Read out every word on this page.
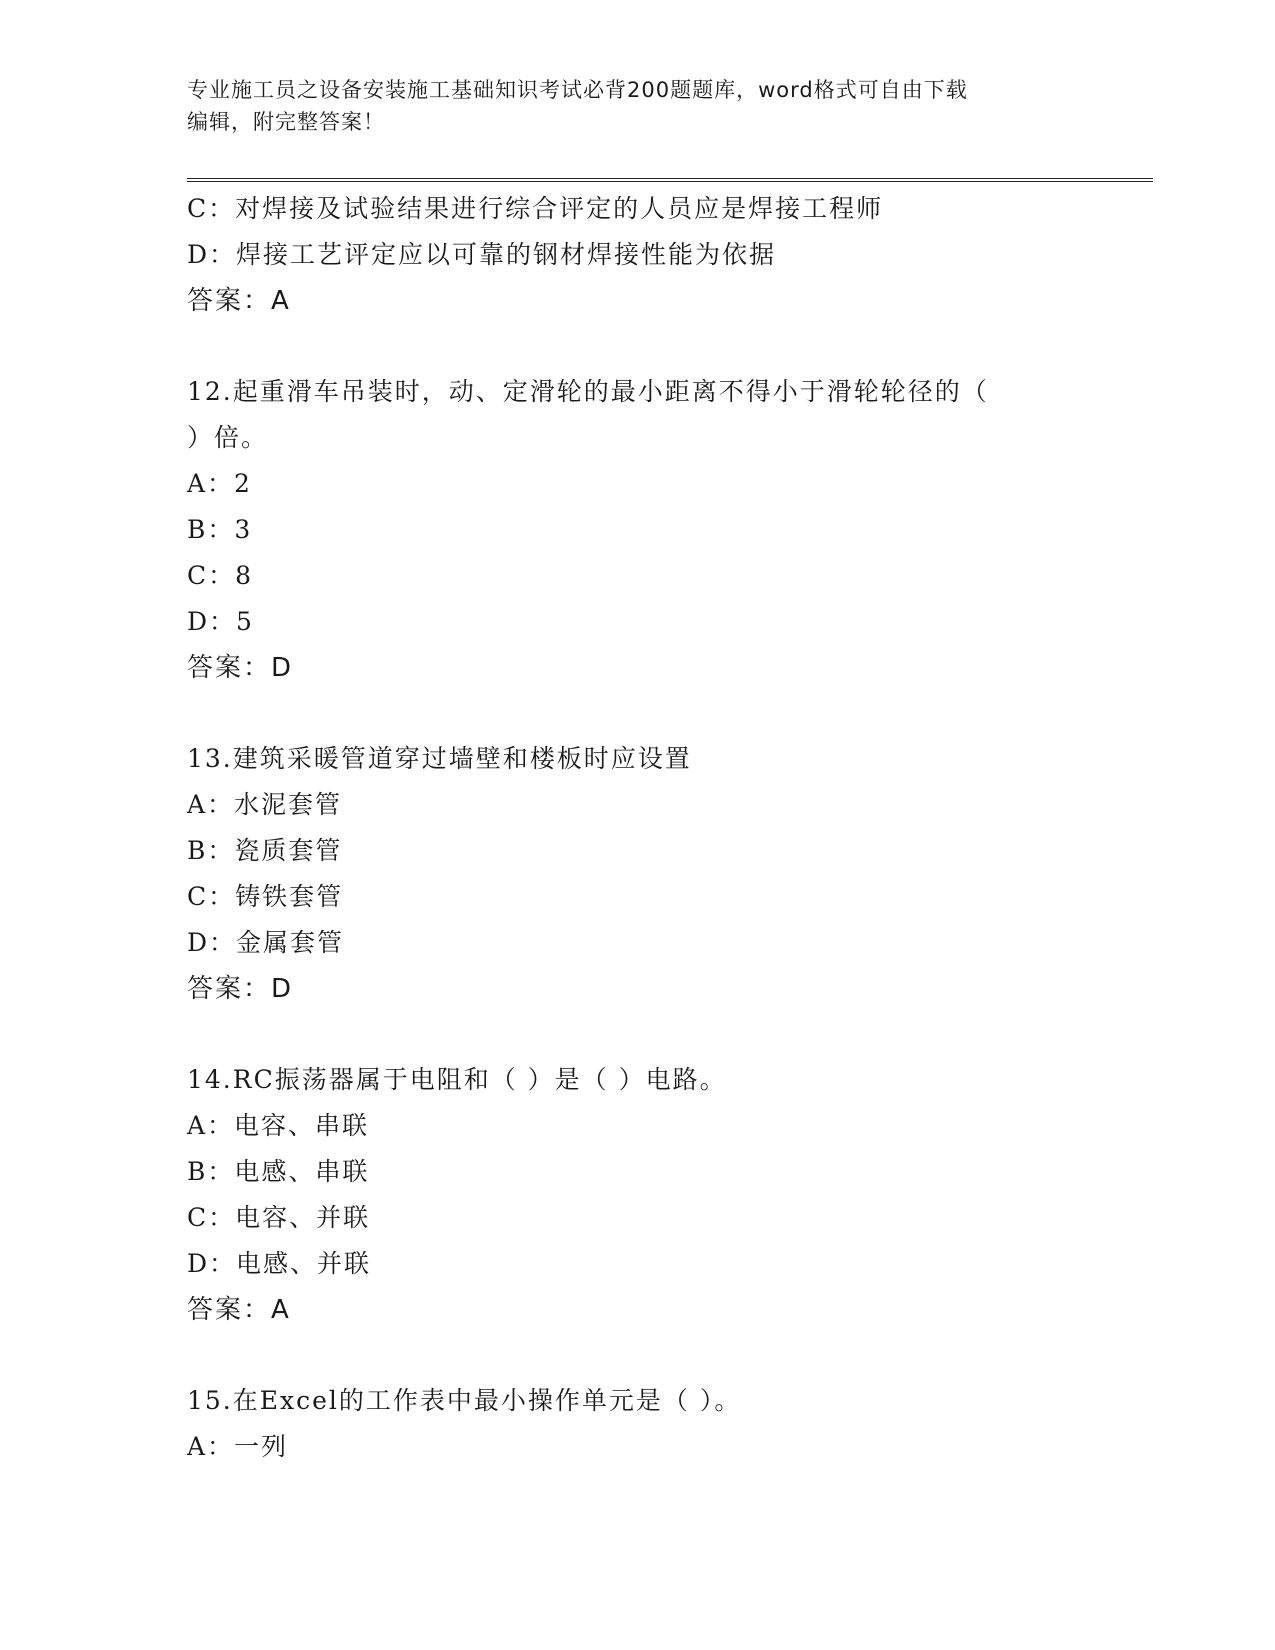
专业施工员之设备安装施工基础知识考试必背200题题库，word格式可自由下载
编辑，附完整答案！
C：对焊接及试验结果进行综合评定的人员应是焊接工程师
D：焊接工艺评定应以可靠的钢材焊接性能为依据
答案：A
12.起重滑车吊装时，动、定滑轮的最小距离不得小于滑轮轮径的（
）倍。
A：2
B：3
C：8
D：5
答案：D
13.建筑采暖管道穿过墙壁和楼板时应设置
A：水泥套管
B：瓷质套管
C：铸铁套管
D：金属套管
答案：D
14.RC振荡器属于电阻和（ ）是（ ）电路。
A：电容、串联
B：电感、串联
C：电容、并联
D：电感、并联
答案：A
15.在Excel的工作表中最小操作单元是（ ）。
A：一列
